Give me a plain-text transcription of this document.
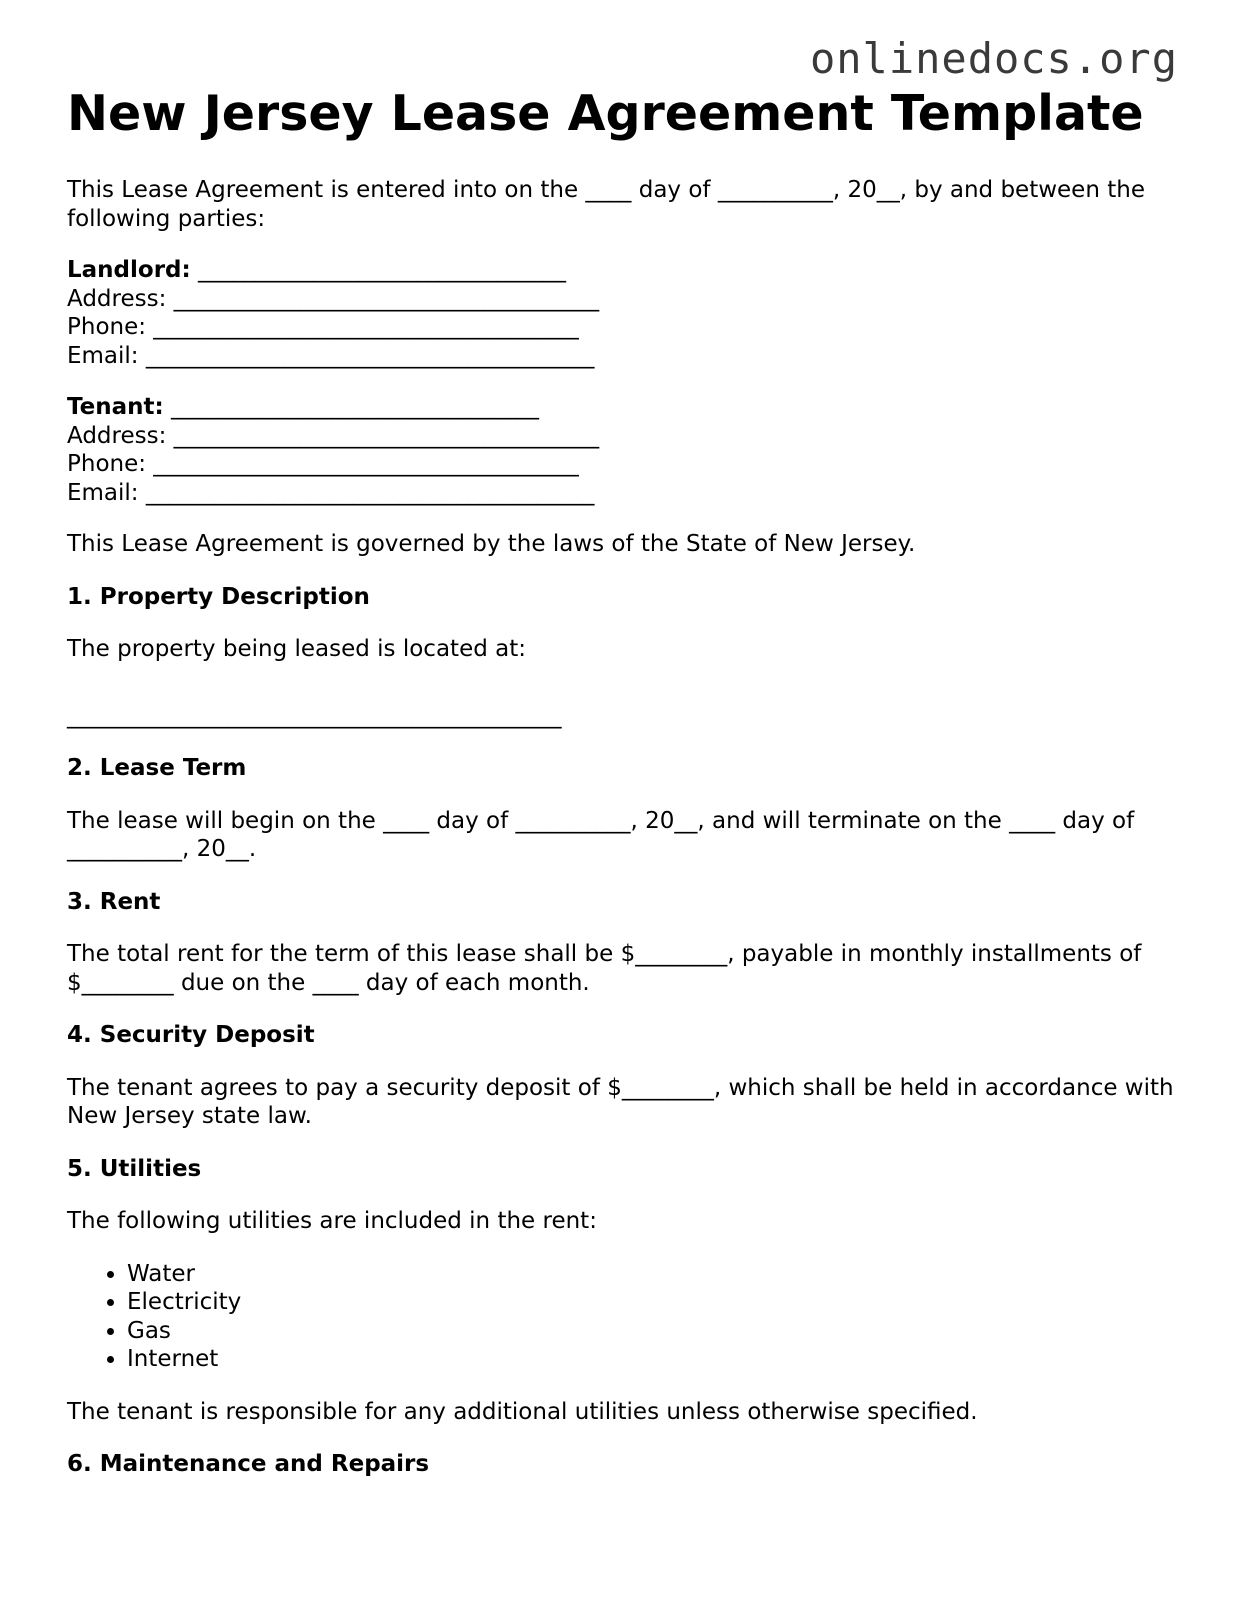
onlinedocs.org
New Jersey Lease Agreement Template

This Lease Agreement is entered into on the ____ day of __________, 20__, by and between the following parties:

Landlord: ________________________________
Address: _____________________________________
Phone: _____________________________________
Email: _______________________________________
Tenant: ________________________________
Address: _____________________________________
Phone: _____________________________________
Email: _______________________________________

This Lease Agreement is governed by the laws of the State of New Jersey.

1. Property Description

The property being leased is located at:

___________________________________________

2. Lease Term

The lease will begin on the ____ day of __________, 20__, and will terminate on the ____ day of __________, 20__.

3. Rent

The total rent for the term of this lease shall be $________, payable in monthly installments of $________ due on the ____ day of each month.

4. Security Deposit

The tenant agrees to pay a security deposit of $________, which shall be held in accordance with New Jersey state law.

5. Utilities

The following utilities are included in the rent:

• Water
• Electricity
• Gas
• Internet

The tenant is responsible for any additional utilities unless otherwise specified.

6. Maintenance and Repairs
